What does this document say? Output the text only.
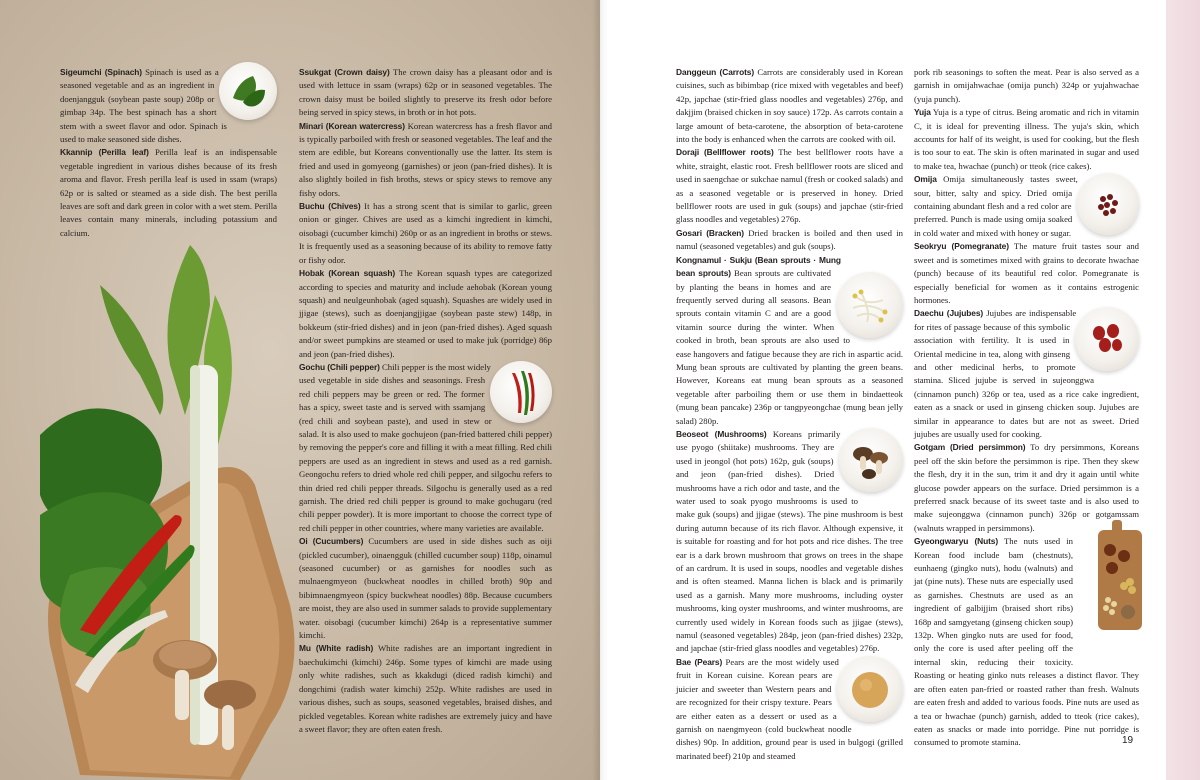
Sigeumchi (Spinach) Spinach is used as a seasoned vegetable and as an ingredient in doenjangguk (soybean paste soup) 208p or gimbap 34p. The best spinach has a short stem with a sweet flavor and odor. Spinach is used to make seasoned side dishes.

Kkannip (Perilla leaf) Perilla leaf is an indispensable vegetable ingredient in various dishes because of its fresh aroma and flavor. Fresh perilla leaf is used in ssam (wraps) 62p or is salted or steamed as a side dish. The best perilla leaves are soft and dark green in color with a wet stem. Perilla leaves contain many minerals, including potassium and calcium.

Ssukgat (Crown daisy) The crown daisy has a pleasant odor and is used with lettuce in ssam (wraps) 62p or in seasoned vegetables. The crown daisy must be boiled slightly to preserve its fresh odor before being served in spicy stews, in broth or in hot pots.

Minari (Korean watercress) Korean watercress has a fresh flavor and is typically parboiled with fresh or seasoned vegetables. The leaf and the stem are edible, but Koreans conventionally use the latter. Its stem is fried and used in gomyeong (garnishes) or jeon (pan-fried dishes). It is also slightly boiled in fish broths, stews or spicy stews to remove any fishy odors.

Buchu (Chives) It has a strong scent that is similar to garlic, green onion or ginger. Chives are used as a kimchi ingredient in kimchi, oisobagi (cucumber kimchi) 260p or as an ingredient in broths or stews. It is frequently used as a seasoning because of its ability to remove fatty or fishy odor.

Hobak (Korean squash) The Korean squash types are categorized according to species and maturity and include aehobak (Korean young squash) and neulgeunhobak (aged squash). Squashes are widely used in jjigae (stews), such as doenjangjjigae (soybean paste stew) 148p, in bokkeum (stir-fried dishes) and in jeon (pan-fried dishes). Aged squash and/or sweet pumpkins are steamed or used to make juk (porridge) 86p and jeon (pan-fried dishes).

Gochu (Chili pepper) Chili pepper is the most widely used vegetable in side dishes and seasonings. Fresh red chili peppers may be green or red. The former has a spicy, sweet taste and is served with ssamjang (red chili and soybean paste), and used in stew or salad. It is also used to make gochujeon (pan-fried battered chili pepper) by removing the pepper's core and filling it with a meat filling. Red chili peppers are used as an ingredient in stews and used as a red garnish. Geongochu refers to dried whole red chili pepper, and silgochu refers to thin dried red chili pepper threads. Silgochu is generally used as a red garnish. The dried red chili pepper is ground to make gochugaru (red chili pepper powder). It is more important to choose the correct type of red chili pepper in other countries, where many varieties are available.

Oi (Cucumbers) Cucumbers are used in side dishes such as oiji (pickled cucumber), oinaengguk (chilled cucumber soup) 118p, oinamul (seasoned cucumber) or as garnishes for noodles such as mulnaengmyeon (buckwheat noodles in chilled broth) 90p and bibimnaengmyeon (spicy buckwheat noodles) 88p. Because cucumbers are moist, they are also used in summer salads to provide supplementary water. oisobagi (cucumber kimchi) 264p is a representative summer kimchi.

Mu (White radish) White radishes are an important ingredient in baechukimchi (kimchi) 246p. Some types of kimchi are made using only white radishes, such as kkakdugi (diced radish kimchi) and dongchimi (radish water kimchi) 252p. White radishes are used in various dishes, such as soups, seasoned vegetables, braised dishes, and pickled vegetables. Korean white radishes are extremely juicy and have a sweet flavor; they are often eaten fresh.

Danggeun (Carrots) Carrots are considerably used in Korean cuisines, such as bibimbap (rice mixed with vegetables and beef) 42p, japchae (stir-fried glass noodles and vegetables) 276p, and dakjjim (braised chicken in soy sauce) 172p. As carrots contain a large amount of beta-carotene, the absorption of beta-carotene into the body is enhanced when the carrots are cooked with oil.

Doraji (Bellflower roots) The best bellflower roots have a white, straight, elastic root. Fresh bellflower roots are sliced and used in saengchae or sukchae namul (fresh or cooked salads) and as a seasoned vegetable or is preserved in honey. Dried bellflower roots are used in guk (soups) and japchae (stir-fried glass noodles and vegetables) 276p.

Gosari (Bracken) Dried bracken is boiled and then used in namul (seasoned vegetables) and guk (soups).

Kongnamul · Sukju (Bean sprouts · Mung bean sprouts) Bean sprouts are cultivated by planting the beans in homes and are frequently served during all seasons. Bean sprouts contain vitamin C and are a good vitamin source during the winter. When cooked in broth, bean sprouts are also used to ease hangovers and fatigue because they are rich in aspartic acid. Mung bean sprouts are cultivated by planting the green beans. However, Koreans eat mung bean sprouts as a seasoned vegetable after parboiling them or use them in bindaetteok (mung bean pancake) 236p or tangpyeongchae (mung bean jelly salad) 280p.

Beoseot (Mushrooms) Koreans primarily use pyogo (shiitake) mushrooms. They are used in jeongol (hot pots) 162p, guk (soups) and jeon (pan-fried dishes). Dried mushrooms have a rich odor and taste, and the water used to soak pyogo mushrooms is used to make guk (soups) and jjigae (stews). The pine mushroom is best during autumn because of its rich flavor. Although expensive, it is suitable for roasting and for hot pots and rice dishes. The tree ear is a dark brown mushroom that grows on trees in the shape of an cardrum. It is used in soups, noodles and vegetable dishes and is often steamed. Manna lichen is black and is primarily used as a garnish. Many more mushrooms, including oyster mushrooms, king oyster mushrooms, and winter mushrooms, are currently used widely in Korean foods such as jjigae (stews), namul (seasoned vegetables) 284p, jeon (pan-fried dishes) 232p, and japchae (stir-fried glass noodles and vegetables) 276p.

Bae (Pears) Pears are the most widely used fruit in Korean cuisine. Korean pears are juicier and sweeter than Western pears and are recognized for their crispy texture. Pears are either eaten as a dessert or used as a garnish on naengmyeon (cold buckwheat noodle dishes) 90p. In addition, ground pear is used in bulgogi (grilled marinated beef) 210p and steamed

pork rib seasonings to soften the meat. Pear is also served as a garnish in omijahwachae (omija punch) 324p or yujahwachae (yuja punch).

Yuja Yuja is a type of citrus. Being aromatic and rich in vitamin C, it is ideal for preventing illness. The yuja's skin, which accounts for half of its weight, is used for cooking, but the flesh is too sour to eat. The skin is often marinated in sugar and used to make tea, hwachae (punch) or tteok (rice cakes).

Omija Omija simultaneously tastes sweet, sour, bitter, salty and spicy. Dried omija containing abundant flesh and a red color are preferred. Punch is made using omija soaked in cold water and mixed with honey or sugar.

Seokryu (Pomegranate) The mature fruit tastes sour and sweet and is sometimes mixed with grains to decorate hwachae (punch) because of its beautiful red color. Pomegranate is especially beneficial for women as it contains estrogenic hormones.

Daechu (Jujubes) Jujubes are indispensable for rites of passage because of this symbolic association with fertility. It is used in Oriental medicine in tea, along with ginseng and other medicinal herbs, to promote stamina. Sliced jujube is served in sujeonggwa (cinnamon punch) 326p or tea, used as a rice cake ingredient, eaten as a snack or used in ginseng chicken soup. Jujubes are similar in appearance to dates but are not as sweet. Dried jujubes are usually used for cooking.

Gotgam (Dried persimmon) To dry persimmons, Koreans peel off the skin before the persimmon is ripe. Then they skew the flesh, dry it in the sun, trim it and dry it again until white glucose powder appears on the surface. Dried persimmon is a preferred snack because of its sweet taste and is also used to make sujeonggwa (cinnamon punch) 326p or gotgamssam (walnuts wrapped in persimmons).

Gyeongwaryu (Nuts) The nuts used in Korean food include bam (chestnuts), eunhaeng (gingko nuts), hodu (walnuts) and jat (pine nuts). These nuts are especially used as garnishes. Chestnuts are used as an ingredient of galbijjim (braised short ribs) 168p and samgyetang (ginseng chicken soup) 132p. When gingko nuts are used for food, only the core is used after peeling off the internal skin, reducing their toxicity. Roasting or heating ginko nuts releases a distinct flavor. They are often eaten pan-fried or roasted rather than fresh. Walnuts are eaten fresh and added to various foods. Pine nuts are used as a tea or hwachae (punch) garnish, added to tteok (rice cakes), eaten as snacks or made into porridge. Pine nut porridge is consumed to promote stamina.	19
